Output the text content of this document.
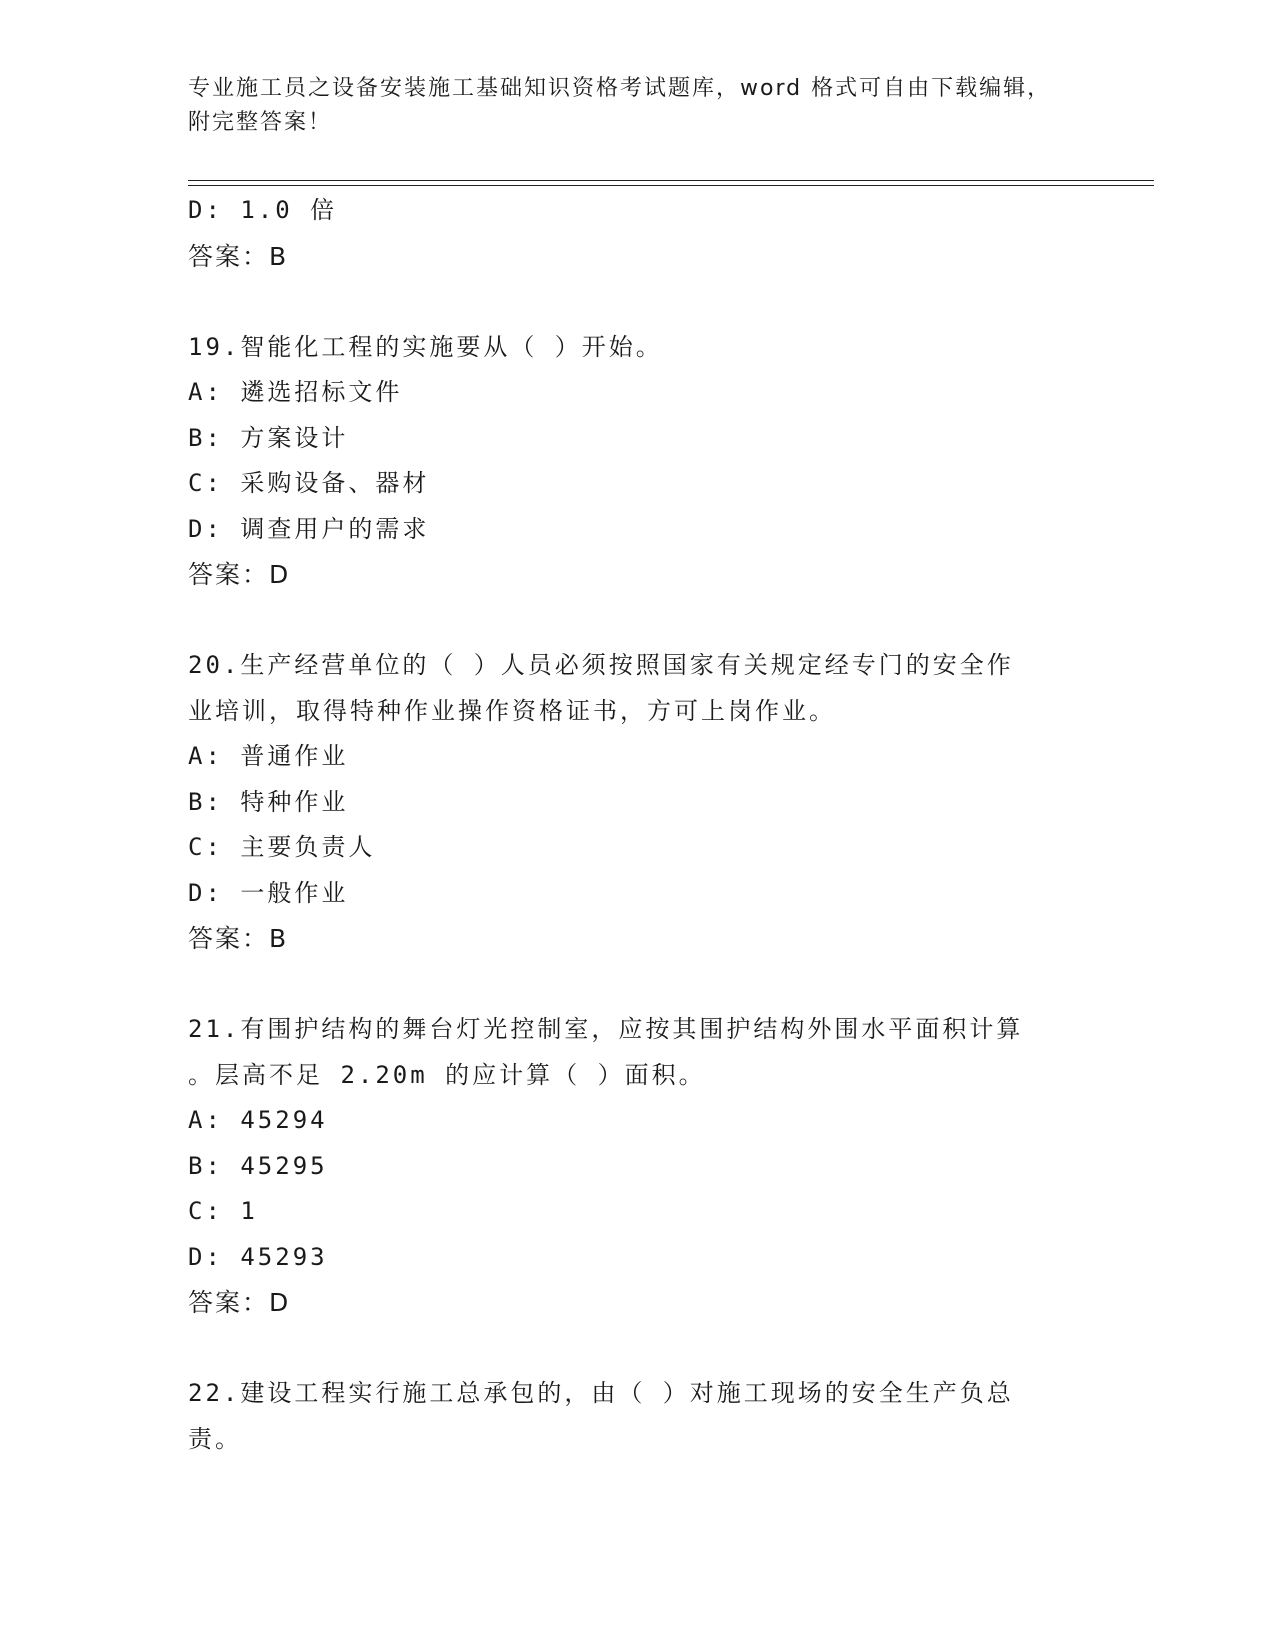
专业施工员之设备安装施工基础知识资格考试题库，word 格式可自由下载编辑，
附完整答案！
D: 1.0 倍
答案：B
19.智能化工程的实施要从（ ）开始。
A: 遴选招标文件
B: 方案设计
C: 采购设备、器材
D: 调查用户的需求
答案：D
20.生产经营单位的（ ）人员必须按照国家有关规定经专门的安全作
业培训，取得特种作业操作资格证书，方可上岗作业。
A: 普通作业
B: 特种作业
C: 主要负责人
D: 一般作业
答案：B
21.有围护结构的舞台灯光控制室，应按其围护结构外围水平面积计算
。层高不足 2.20m 的应计算（ ）面积。
A: 45294
B: 45295
C: 1
D: 45293
答案：D
22.建设工程实行施工总承包的，由（ ）对施工现场的安全生产负总
责。
